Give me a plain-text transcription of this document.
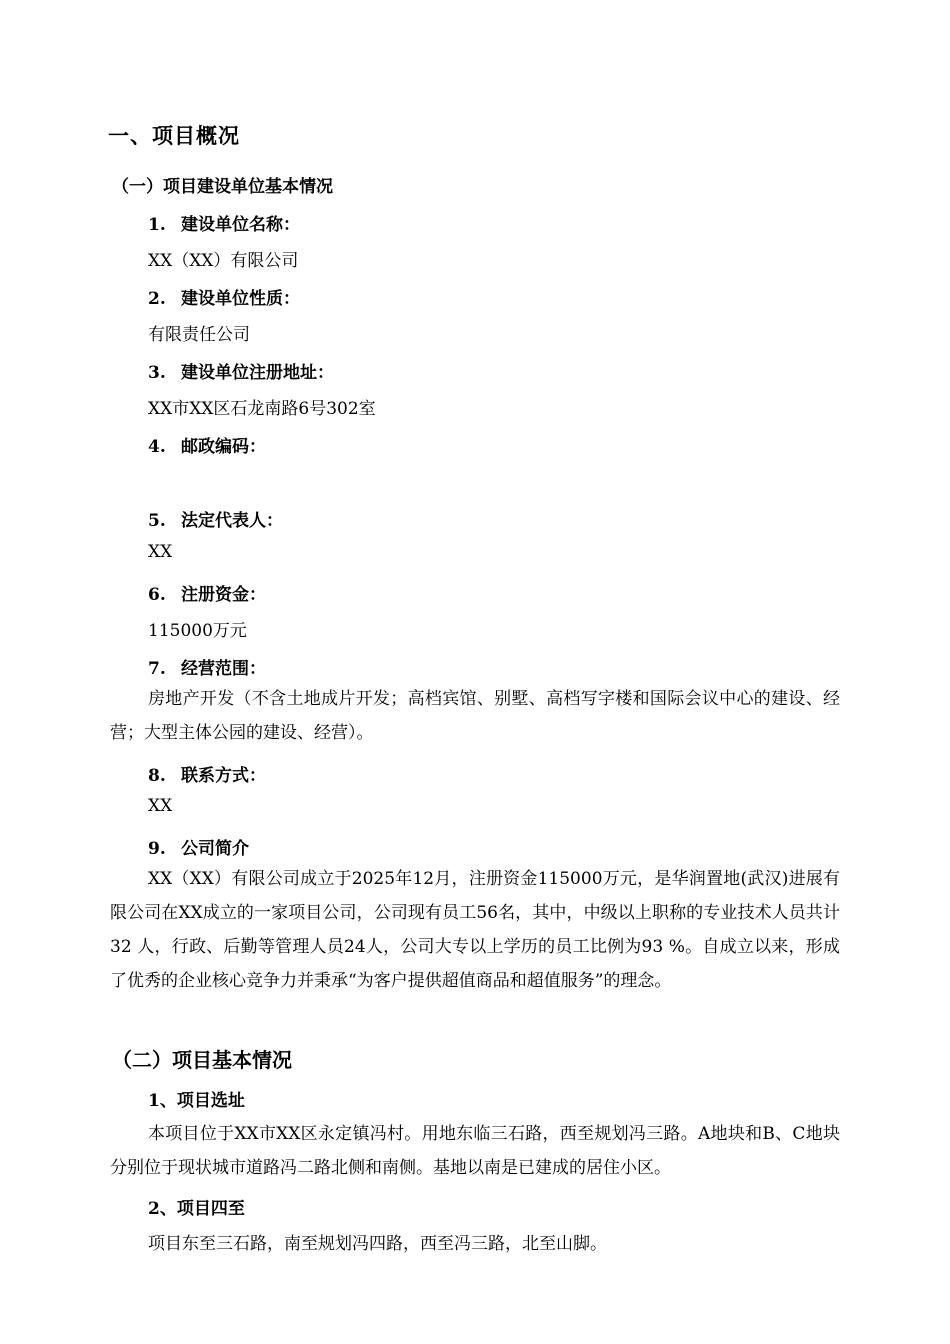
一、项目概况
（一）项目建设单位基本情况
1. 建设单位名称：

XX（XX）有限公司

2. 建设单位性质：

有限责任公司

3. 建设单位注册地址：

XX市XX区石龙南路6号302室

4. 邮政编码：

5. 法定代表人：

XX

6. 注册资金：

115000万元

7. 经营范围：

房地产开发（不含土地成片开发；高档宾馆、别墅、高档写字楼和国际会议中心的建设、经营；大型主体公园的建设、经营）。

8. 联系方式：

XX

9. 公司简介

XX（XX）有限公司成立于2025年12月，注册资金115000万元，是华润置地(武汉)进展有限公司在XX成立的一家项目公司，公司现有员工56名，其中，中级以上职称的专业技术人员共计32 人，行政、后勤等管理人员24人，公司大专以上学历的员工比例为93 %。自成立以来，形成了优秀的企业核心竞争力并秉承“为客户提供超值商品和超值服务”的理念。

（二）项目基本情况
1、项目选址

本项目位于XX市XX区永定镇冯村。用地东临三石路，西至规划冯三路。A地块和B、C地块分别位于现状城市道路冯二路北侧和南侧。基地以南是已建成的居住小区。

2、项目四至

项目东至三石路，南至规划冯四路，西至冯三路，北至山脚。
